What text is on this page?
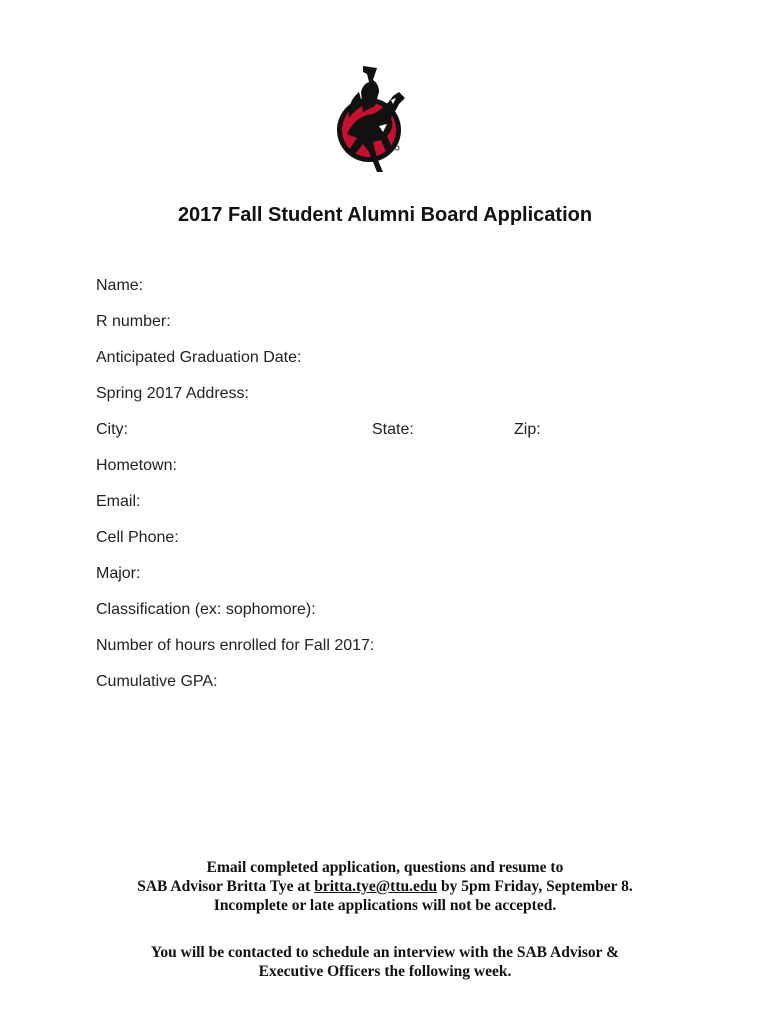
2017 Fall Student Alumni Board Application
Name:
R number:
Anticipated Graduation Date:
Spring 2017 Address:
City:	State:	Zip:
Hometown:
Email:
Cell Phone:
Major:
Classification (ex: sophomore):
Number of hours enrolled for Fall 2017:
Cumulative GPA:
Email completed application, questions and resume to
SAB Advisor Britta Tye at britta.tye@ttu.edu by 5pm Friday, September 8.
Incomplete or late applications will not be accepted.
You will be contacted to schedule an interview with the SAB Advisor &
Executive Officers the following week.
